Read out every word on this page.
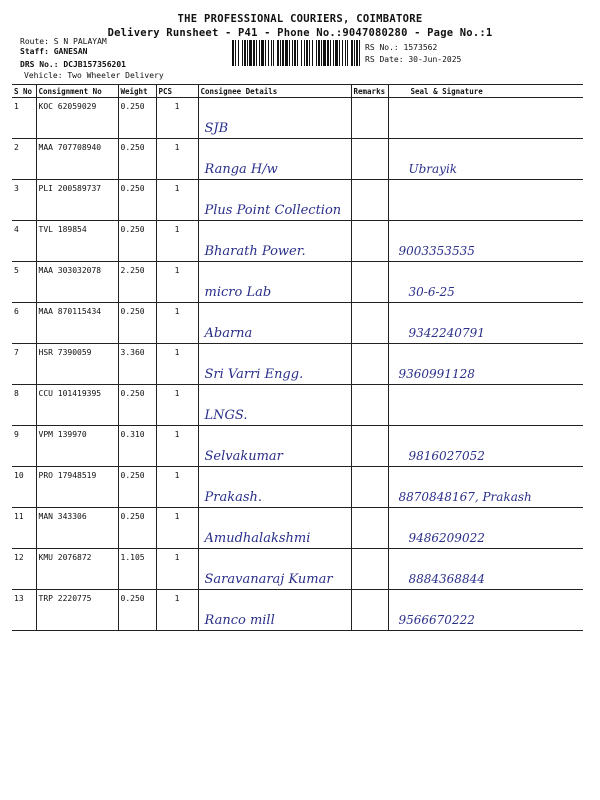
THE PROFESSIONAL COURIERS, COIMBATORE
Delivery Runsheet - P41 - Phone No.:9047080280 - Page No.:1
Route: S N PALAYAM
Staff: GANESAN
DRS No.: DCJB157356201
Vehicle: Two Wheeler Delivery
RS No.: 1573562
RS Date: 30-Jun-2025
S No	Consignment No	Weight	PCS	Consignee Details	Remarks	Seal & Signature
1	KOC 62059029	0.250	1	SJB		

2	MAA 707708940	0.250	1	Ranga H/w		Ubrayik

3	PLI 200589737	0.250	1	Plus Point Collection		

4	TVL 189854	0.250	1	Bharath Power.		9003353535

5	MAA 303032078	2.250	1	micro Lab		30-6-25

6	MAA 870115434	0.250	1	Abarna		9342240791

7	HSR 7390059	3.360	1	Sri Varri Engg.		9360991128

8	CCU 101419395	0.250	1	LNGS.		

9	VPM 139970	0.310	1	Selvakumar		9816027052

10	PRO 17948519	0.250	1	Prakash.		8870848167, Prakash

11	MAN 343306	0.250	1	Amudhalakshmi		9486209022

12	KMU 2076872	1.105	1	Saravanaraj Kumar		8884368844

13	TRP 2220775	0.250	1	Ranco mill		9566670222
